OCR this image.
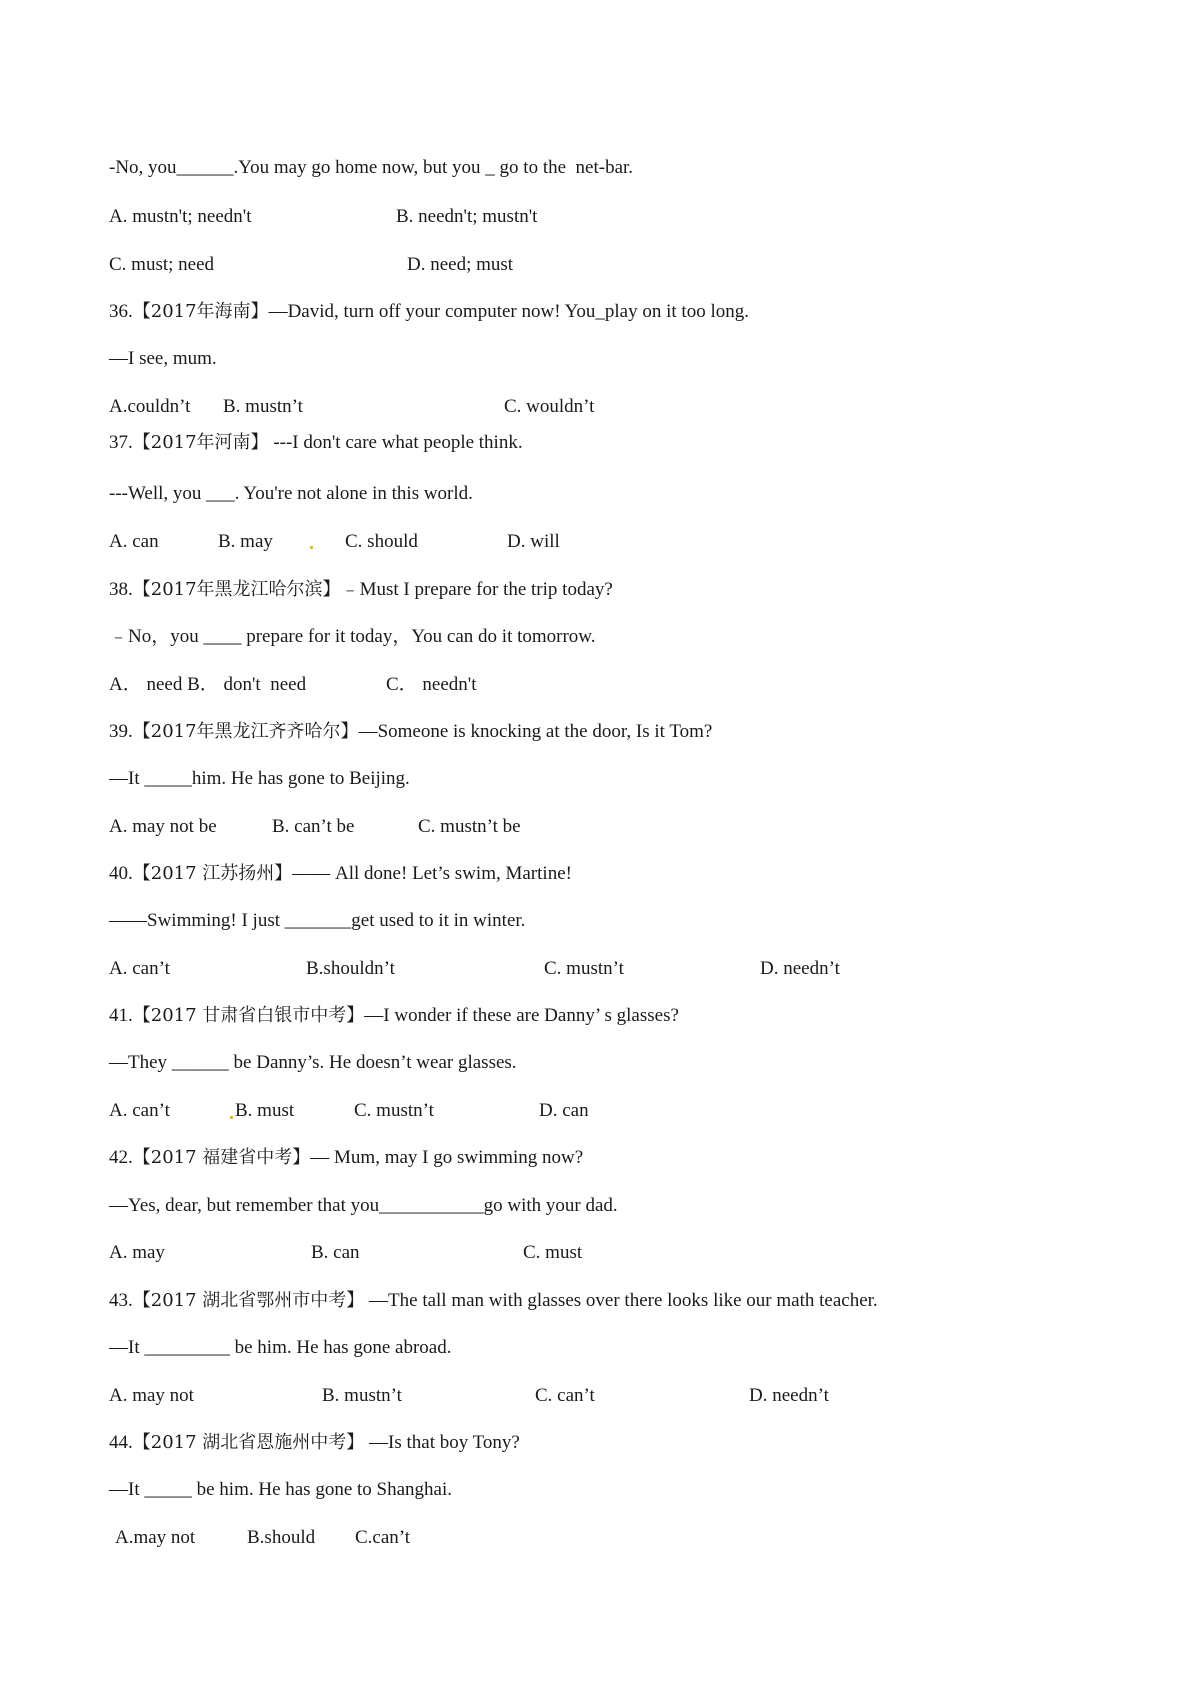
-No, you______.You may go home now, but you _ go to the  net-bar.

A. mustn't; needn't	B. needn't; mustn't
C. must; need	D. need; must

36.【2017年海南】—David, turn off your computer now! You_play on it too long.

—I see, mum.

A.couldn’t B. mustn’t	C. wouldn’t

37.【2017年河南】 ---I don't care what people think.

---Well, you ___. You're not alone in this world.

A. can	B. may	C. should	D. will

38.【2017年黑龙江哈尔滨】﹣Must I prepare for the trip today?

﹣No，you ____ prepare for it today，You can do it tomorrow.

A． need B． don't  need	C． needn't

39.【2017年黑龙江齐齐哈尔】—Someone is knocking at the door, Is it Tom?

—It _____him. He has gone to Beijing.

A. may not be	B. can’t be	C. mustn’t be

40.【2017 江苏扬州】—— All done! Let’s swim, Martine!

——Swimming! I just _______get used to it in winter.

A. can’t	B.shouldn’t	C. mustn’t	D. needn’t

41.【2017 甘肃省白银市中考】—I wonder if these are Danny’ s glasses?

—They ______ be Danny’s. He doesn’t wear glasses.

A. can’t	B. must	C. mustn’t	D. can

42.【2017 福建省中考】— Mum, may I go swimming now?

—Yes, dear, but remember that you___________go with your dad.

A. may	B. can	C. must

43.【2017 湖北省鄂州市中考】 —The tall man with glasses over there looks like our math teacher.

—It _________ be him. He has gone abroad.

A. may not	B. mustn’t	C. can’t	D. needn’t

44.【2017 湖北省恩施州中考】 —Is that boy Tony?

—It _____ be him. He has gone to Shanghai.

A.may not	B.should C.can’t
